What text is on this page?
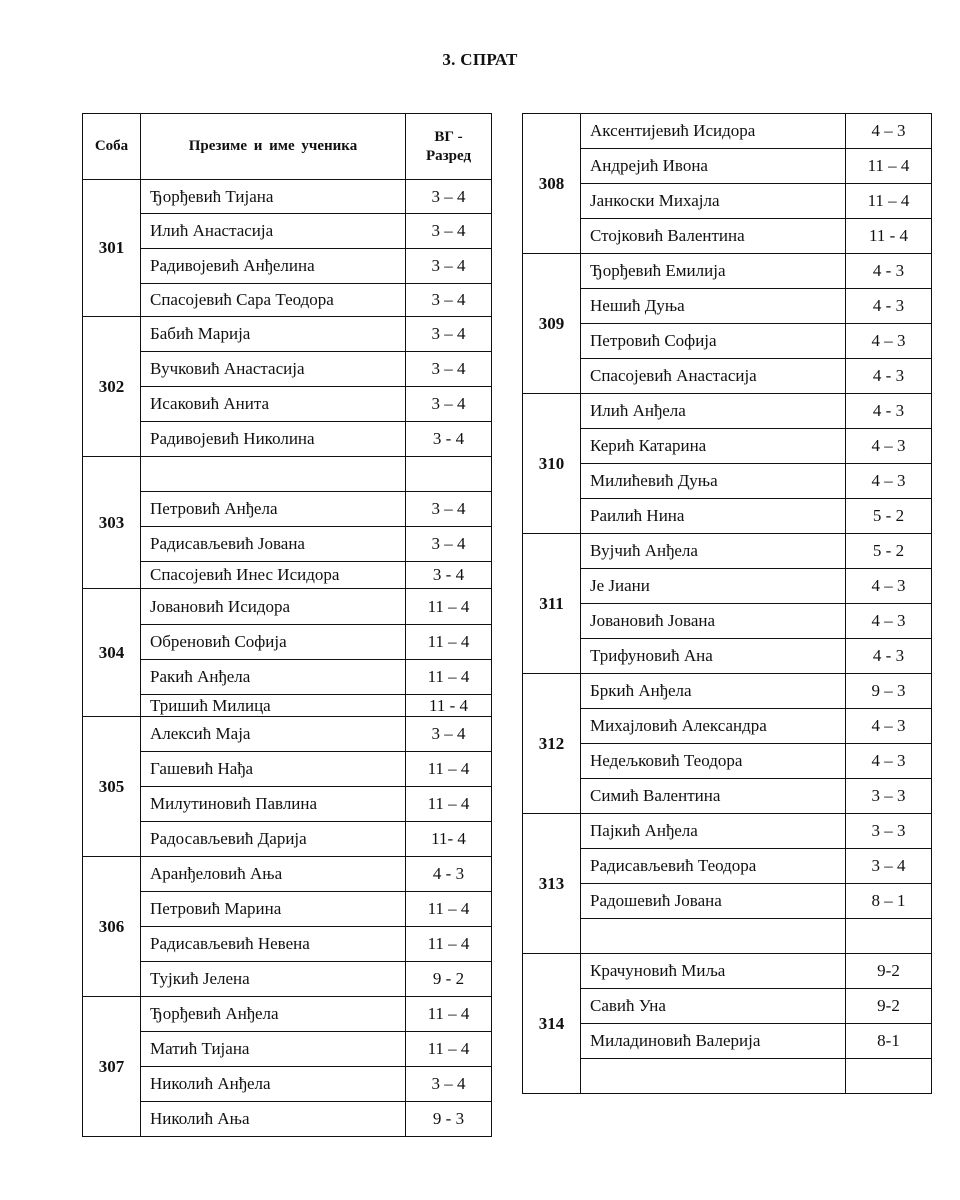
3. СПРАТ
Соба	Презиме и име ученика	ВГ - Разред
301	Ђорђевић Тијана	3 – 4
	Илић Анастасија	3 – 4
	Радивојевић Анђелина	3 – 4
	Спасојевић Сара Теодора	3 – 4
302	Бабић Марија	3 – 4
	Вучковић Анастасија	3 – 4
	Исаковић Анита	3 – 4
	Радивојевић Николина	3 - 4
303		
	Петровић Анђела	3 – 4
	Радисављевић Јована	3 – 4
	Спасојевић Инес Исидора	3 - 4
304	Јовановић Исидора	11 – 4
	Обреновић Софија	11 – 4
	Ракић Анђела	11 – 4
	Тришић Милица	11 - 4
305	Алексић Маја	3 – 4
	Гашевић Нађа	11 – 4
	Милутиновић Павлина	11 – 4
	Радосављевић Дарија	11- 4
306	Аранђеловић Ања	4 - 3
	Петровић Марина	11 – 4
	Радисављевић Невена	11 – 4
	Тујкић Јелена	9 - 2
307	Ђорђевић Анђела	11 – 4
	Матић Тијана	11 – 4
	Николић Анђела	3 – 4
	Николић Ања	9 - 3
308	Аксентијевић Исидора	4 – 3
	Андрејић Ивона	11 – 4
	Јанкоски Михајла	11 – 4
	Стојковић Валентина	11 - 4
309	Ђорђевић Емилија	4 - 3
	Нешић Дуња	4 - 3
	Петровић Софија	4 – 3
	Спасојевић Анастасија	4 - 3
310	Илић Анђела	4 - 3
	Керић Катарина	4 – 3
	Милићевић Дуња	4 – 3
	Раилић Нина	5 - 2
311	Вујчић Анђела	5 - 2
	Је Јиани	4 – 3
	Јовановић Јована	4 – 3
	Трифуновић Ана	4 - 3
312	Бркић Анђела	9 – 3
	Михајловић Александра	4 – 3
	Недељковић Теодора	4 – 3
	Симић Валентина	3 – 3
313	Пајкић Анђела	3 – 3
	Радисављевић Теодора	3 – 4
	Радошевић Јована	8 – 1

314	Крачуновић Миља	9-2
	Савић Уна	9-2
	Миладиновић Валерија	8-1
